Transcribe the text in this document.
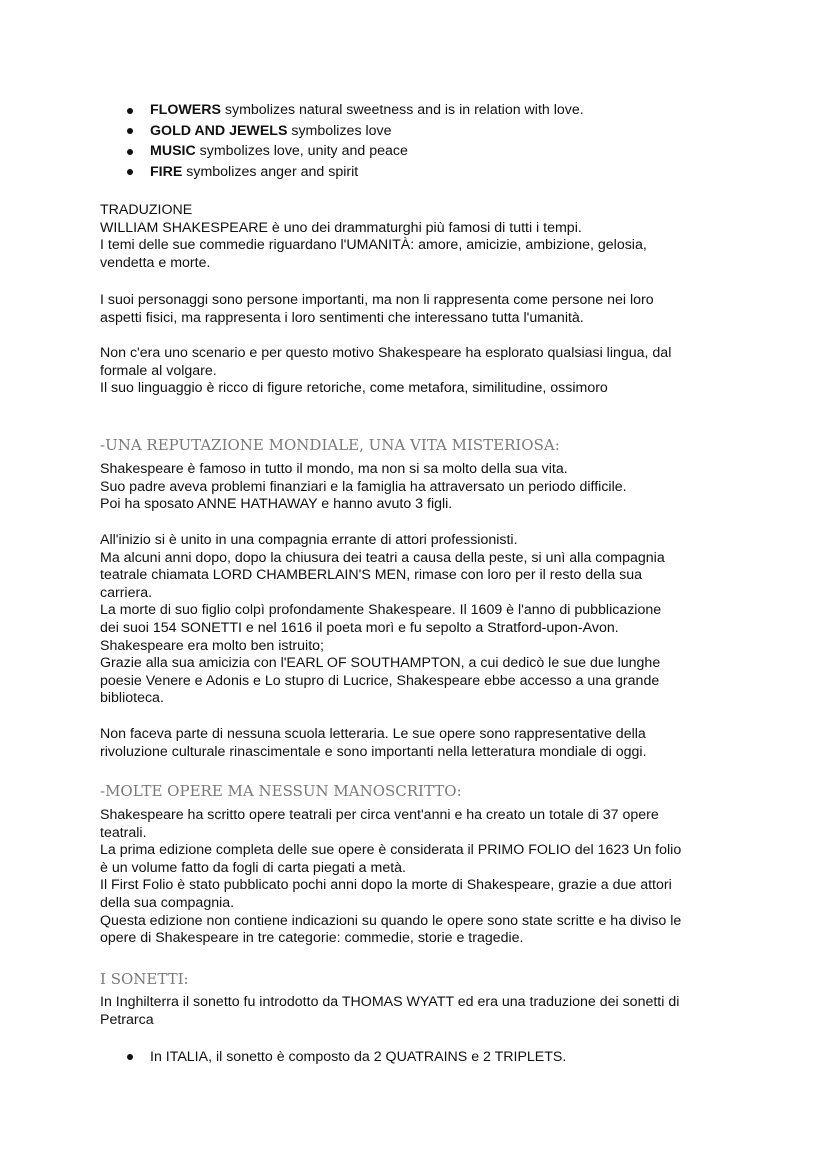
FLOWERS symbolizes natural sweetness and is in relation with love.
GOLD AND JEWELS symbolizes love
MUSIC symbolizes love, unity and peace
FIRE symbolizes anger and spirit

TRADUZIONE

WILLIAM SHAKESPEARE è uno dei drammaturghi più famosi di tutti i tempi.

I temi delle sue commedie riguardano l'UMANITÀ: amore, amicizie, ambizione, gelosia,

vendetta e morte.

I suoi personaggi sono persone importanti, ma non li rappresenta come persone nei loro

aspetti fisici, ma rappresenta i loro sentimenti che interessano tutta l'umanità.

Non c'era uno scenario e per questo motivo Shakespeare ha esplorato qualsiasi lingua, dal

formale al volgare.

Il suo linguaggio è ricco di figure retoriche, come metafora, similitudine, ossimoro

-UNA REPUTAZIONE MONDIALE, UNA VITA MISTERIOSA:

Shakespeare è famoso in tutto il mondo, ma non si sa molto della sua vita.

Suo padre aveva problemi finanziari e la famiglia ha attraversato un periodo difficile.

Poi ha sposato ANNE HATHAWAY e hanno avuto 3 figli.

All'inizio si è unito in una compagnia errante di attori professionisti.

Ma alcuni anni dopo, dopo la chiusura dei teatri a causa della peste, si unì alla compagnia

teatrale chiamata LORD CHAMBERLAIN'S MEN, rimase con loro per il resto della sua

carriera.

La morte di suo figlio colpì profondamente Shakespeare. Il 1609 è l'anno di pubblicazione

dei suoi 154 SONETTI e nel 1616 il poeta morì e fu sepolto a Stratford-upon-Avon.

Shakespeare era molto ben istruito;

Grazie alla sua amicizia con l'EARL OF SOUTHAMPTON, a cui dedicò le sue due lunghe

poesie Venere e Adonis e Lo stupro di Lucrice, Shakespeare ebbe accesso a una grande

biblioteca.

Non faceva parte di nessuna scuola letteraria. Le sue opere sono rappresentative della

rivoluzione culturale rinascimentale e sono importanti nella letteratura mondiale di oggi.

-MOLTE OPERE MA NESSUN MANOSCRITTO:

Shakespeare ha scritto opere teatrali per circa vent'anni e ha creato un totale di 37 opere

teatrali.

La prima edizione completa delle sue opere è considerata il PRIMO FOLIO del 1623 Un folio

è un volume fatto da fogli di carta piegati a metà.

Il First Folio è stato pubblicato pochi anni dopo la morte di Shakespeare, grazie a due attori

della sua compagnia.

Questa edizione non contiene indicazioni su quando le opere sono state scritte e ha diviso le

opere di Shakespeare in tre categorie: commedie, storie e tragedie.

I SONETTI:

In Inghilterra il sonetto fu introdotto da THOMAS WYATT ed era una traduzione dei sonetti di

Petrarca

In ITALIA, il sonetto è composto da 2 QUATRAINS e 2 TRIPLETS.
